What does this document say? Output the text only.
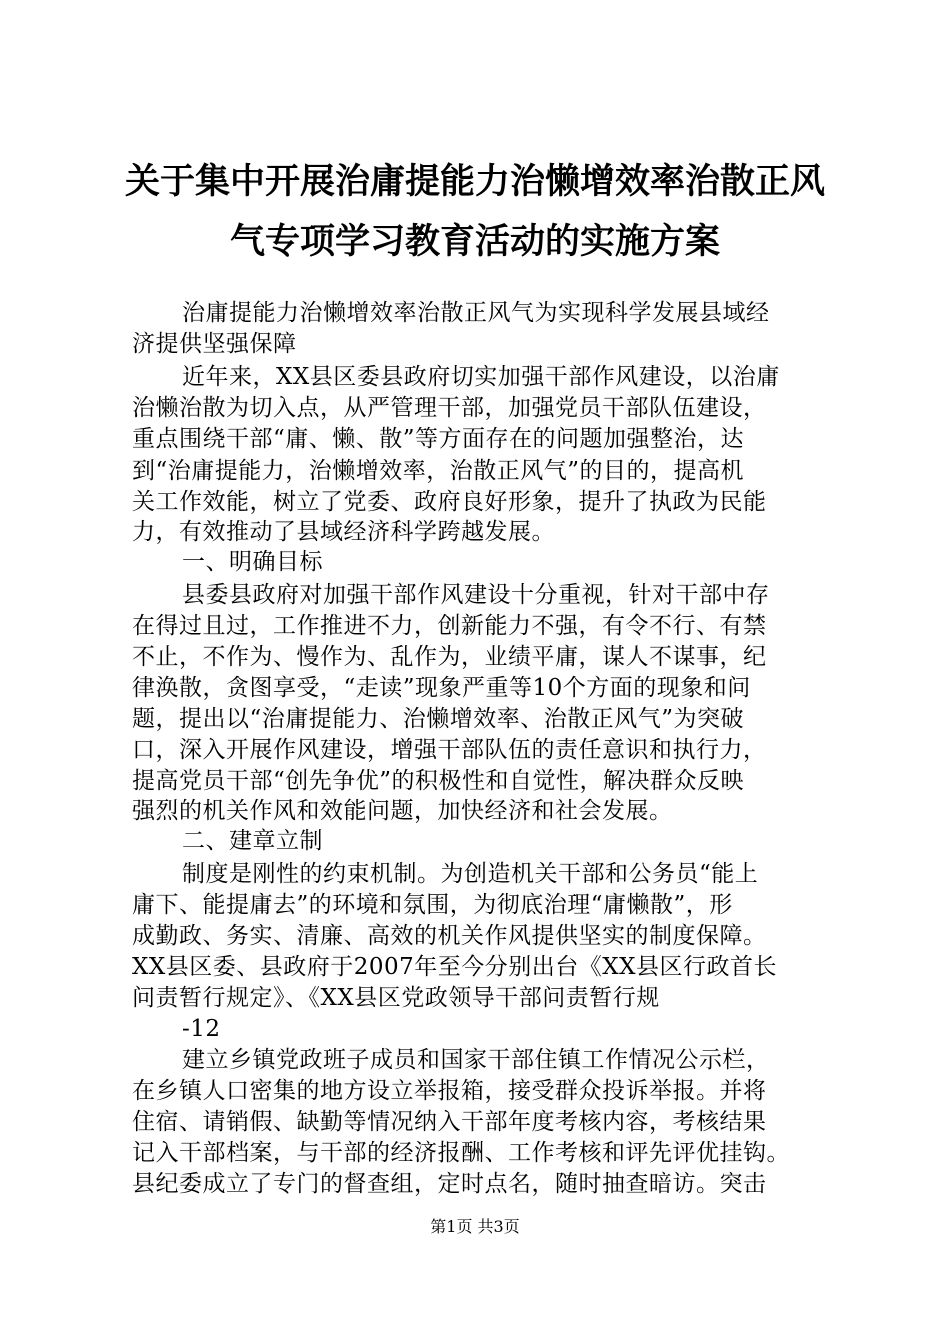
关于集中开展治庸提能力治懒增效率治散正风
气专项学习教育活动的实施方案
治庸提能力治懒增效率治散正风气为实现科学发展县域经
济提供坚强保障
近年来，XX县区委县政府切实加强干部作风建设，以治庸
治懒治散为切入点，从严管理干部，加强党员干部队伍建设，
重点围绕干部“庸、懒、散”等方面存在的问题加强整治，达
到“治庸提能力，治懒增效率，治散正风气”的目的，提高机
关工作效能，树立了党委、政府良好形象，提升了执政为民能
力，有效推动了县域经济科学跨越发展。
一、明确目标
县委县政府对加强干部作风建设十分重视，针对干部中存
在得过且过，工作推进不力，创新能力不强，有令不行、有禁
不止，不作为、慢作为、乱作为，业绩平庸，谋人不谋事，纪
律涣散，贪图享受，“走读”现象严重等10个方面的现象和问
题，提出以“治庸提能力、治懒增效率、治散正风气”为突破
口，深入开展作风建设，增强干部队伍的责任意识和执行力，
提高党员干部“创先争优”的积极性和自觉性，解决群众反映
强烈的机关作风和效能问题，加快经济和社会发展。
二、建章立制
制度是刚性的约束机制。为创造机关干部和公务员“能上
庸下、能提庸去”的环境和氛围，为彻底治理“庸懒散”，形
成勤政、务实、清廉、高效的机关作风提供坚实的制度保障。
XX县区委、县政府于2007年至今分别出台《XX县区行政首长
问责暂行规定》、《XX县区党政领导干部问责暂行规
-12
建立乡镇党政班子成员和国家干部住镇工作情况公示栏，
在乡镇人口密集的地方设立举报箱，接受群众投诉举报。并将
住宿、请销假、缺勤等情况纳入干部年度考核内容，考核结果
记入干部档案，与干部的经济报酬、工作考核和评先评优挂钩。
县纪委成立了专门的督查组，定时点名，随时抽查暗访。突击
第1页 共3页
